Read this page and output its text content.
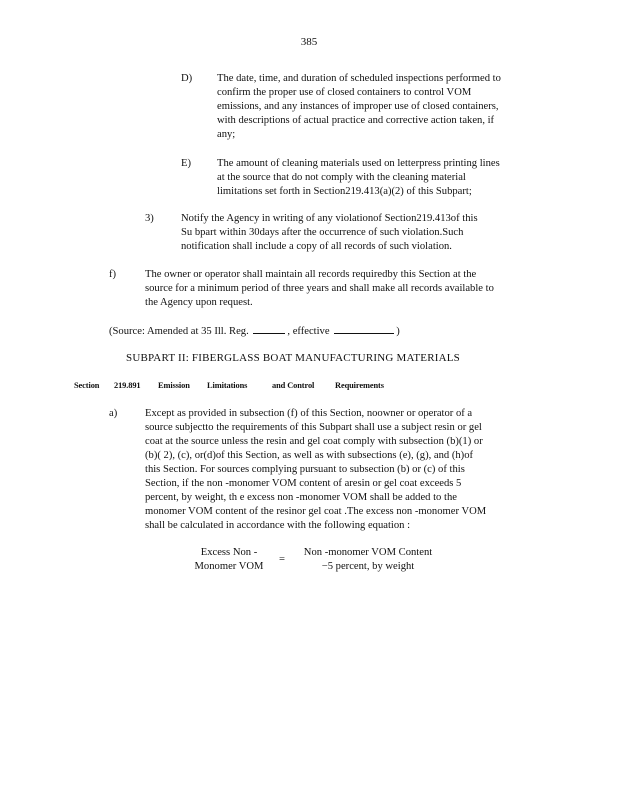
385
D) The date, time, and duration of scheduled inspections performed to
confirm the proper use of closed containers to control VOM
emissions, and any instances of improper use of closed containers,
with descriptions of actual practice and corrective action taken, if
any;
E) The amount of cleaning materials used on letterpress printing lines
at the source that do not comply with the cleaning material
limitations set forth in Section219.413(a)(2) of this Subpart;
3)	Notify the Agency in writing of any violationof Section219.413of this
Su bpart within 30days after the occurrence of such violation.Such
notification shall include a copy of all records of such violation.
f)	The owner or operator shall maintain all records requiredby this Section at the
source for a minimum period of three years and shall make all records available to
the Agency upon request.
(Source: Amended at 35 Ill. Reg.	, effective	)
SUBPART II: FIBERGLASS BOAT MANUFACTURING MATERIALS
Section 219.891 Emission Limitations	and Control Requirements
a)	Except as provided in subsection (f) of this Section, noowner or operator of a
source subjectto the requirements of this Subpart shall use a subject resin or gel
coat at the source unless the resin and gel coat comply with subsection (b)(1) or
(b)( 2), (c), or(d)of this Section, as well as with subsections (e), (g), and (h)of
this Section. For sources complying pursuant to subsection (b) or (c) of this
Section, if the non -monomer VOM content of aresin or gel coat exceeds 5
percent, by weight, th e excess non -monomer VOM shall be added to the
monomer VOM content of the resinor gel coat .The excess non -monomer VOM
shall be calculated in accordance with the following equation :
Excess Non -
Monomer VOM
=
Non -monomer VOM Content
−5 percent, by weight
